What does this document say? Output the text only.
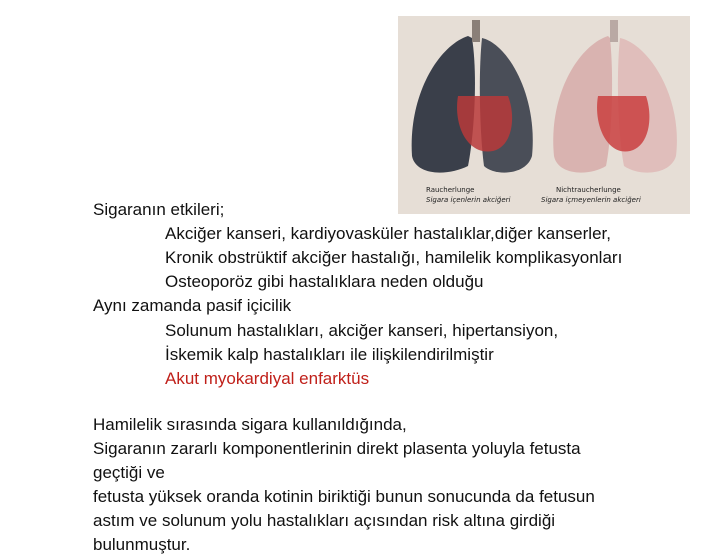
Raucherlunge	Nichtraucherlunge
Sigara içenlerin akciğeri	Sigara içmeyenlerin akciğeri
Sigaranın etkileri;
Akciğer kanseri, kardiyovasküler hastalıklar,diğer kanserler,
Kronik obstrüktif akciğer hastalığı, hamilelik komplikasyonları
Osteoporöz gibi hastalıklara neden olduğu
Aynı zamanda pasif içicilik
Solunum hastalıkları, akciğer kanseri, hipertansiyon,
İskemik kalp hastalıkları ile ilişkilendirilmiştir
Akut myokardiyal enfarktüs
Hamilelik sırasında sigara kullanıldığında,
Sigaranın zararlı komponentlerinin direkt plasenta yoluyla fetusta
geçtiği ve
fetusta yüksek oranda kotinin biriktiği bunun sonucunda da fetusun
astım ve solunum yolu hastalıkları açısından risk altına girdiği
bulunmuştur.
